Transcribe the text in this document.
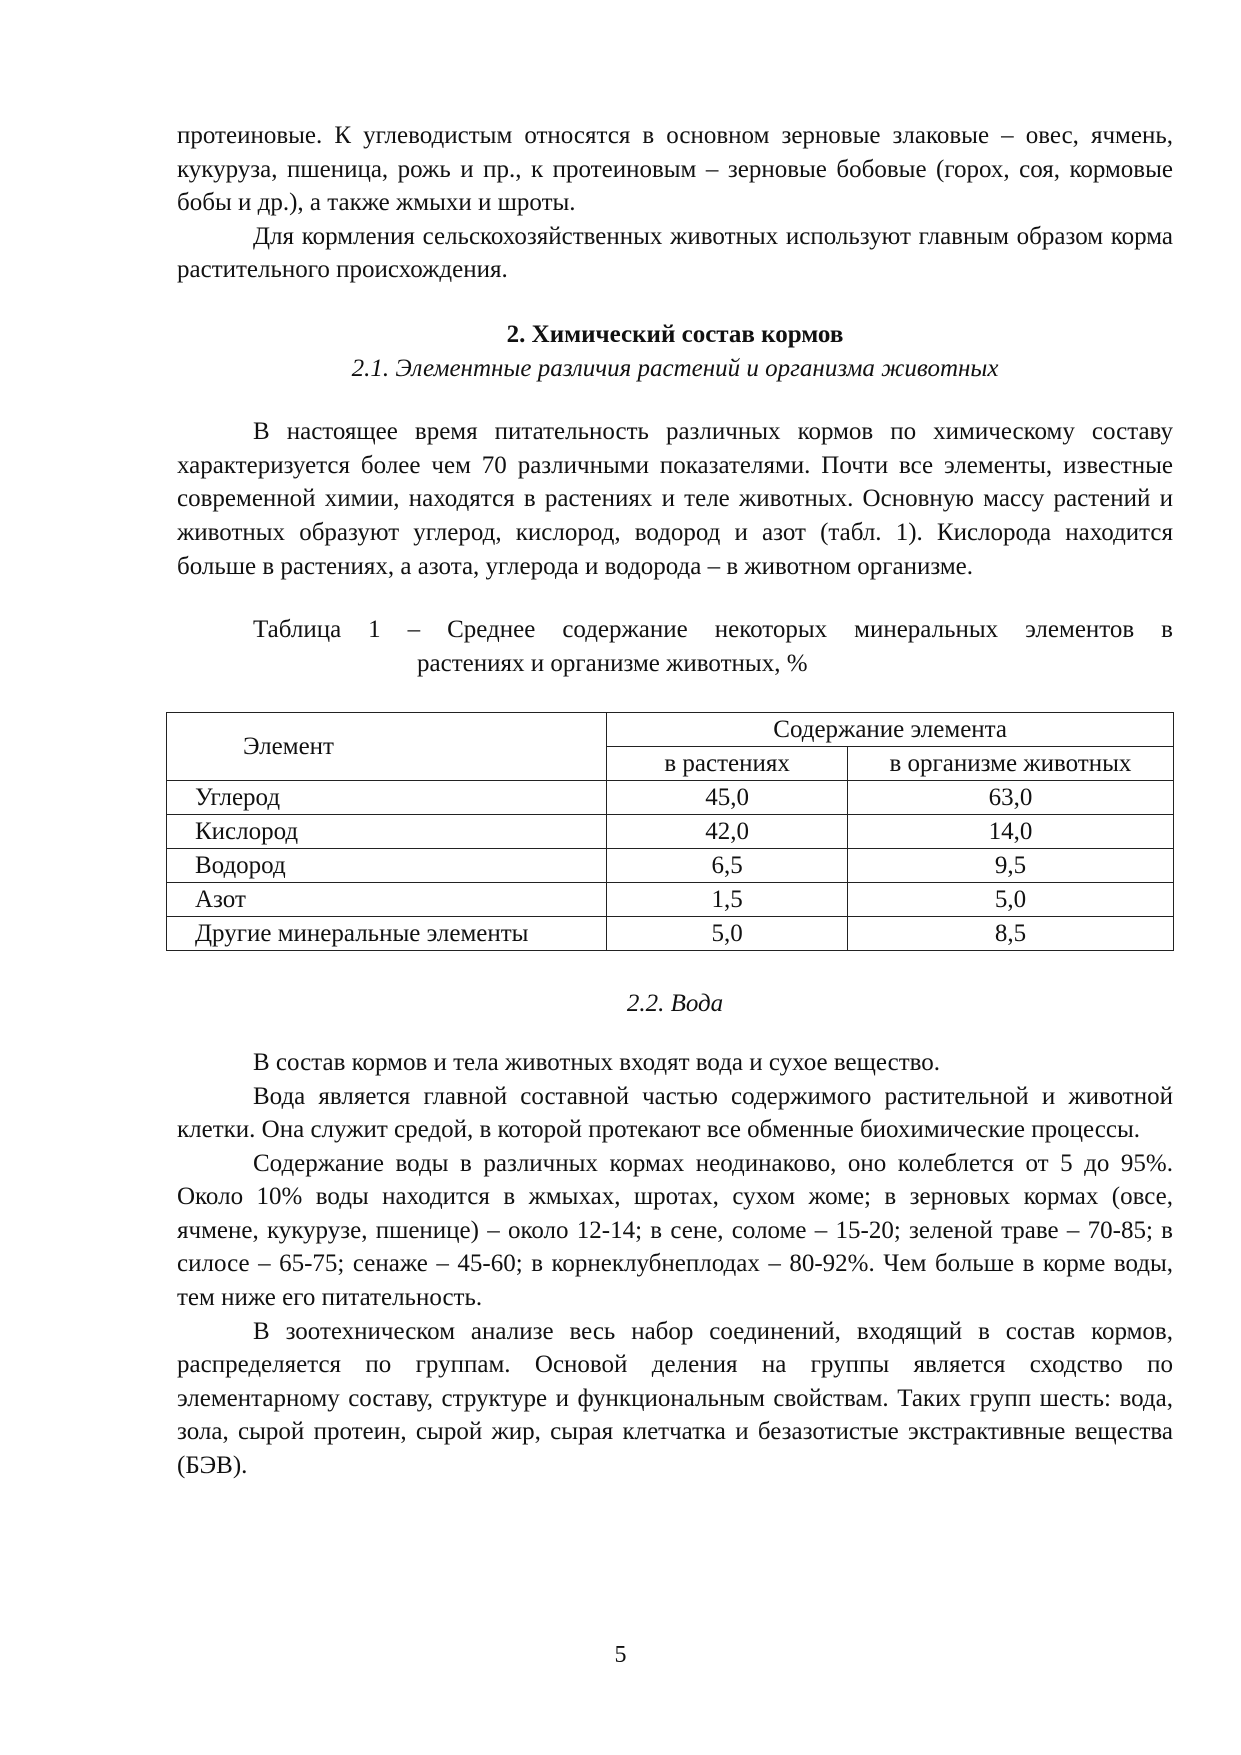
протеиновые. К углеводистым относятся в основном зерновые злаковые – овес, ячмень, кукуруза, пшеница, рожь и пр., к протеиновым – зерновые бобовые (горох, соя, кормовые бобы и др.), а также жмыхи и шроты.

Для кормления сельскохозяйственных животных используют главным образом корма растительного происхождения.

2. Химический состав кормов
2.1. Элементные различия растений и организма животных

В настоящее время питательность различных кормов по химическому составу характеризуется более чем 70 различными показателями. Почти все элементы, известные современной химии, находятся в растениях и теле животных. Основную массу растений и животных образуют углерод, кислород, водород и азот (табл. 1). Кислорода находится больше в растениях, а азота, углерода и водорода – в животном организме.

Таблица 1 – Среднее содержание некоторых минеральных элементов в
растениях и организме животных, %
Элемент	Содержание элемента	
	в растениях	в организме животных
Углерод	45,0	63,0
Кислород	42,0	14,0
Водород	6,5	9,5
Азот	1,5	5,0
Другие минеральные элементы	5,0	8,5
2.2. Вода

В состав кормов и тела животных входят вода и сухое вещество.

Вода является главной составной частью содержимого растительной и животной клетки. Она служит средой, в которой протекают все обменные биохимические процессы.

Содержание воды в различных кормах неодинаково, оно колеблется от 5 до 95%. Около 10% воды находится в жмыхах, шротах, сухом жоме; в зерновых кормах (овсе, ячмене, кукурузе, пшенице) – около 12-14; в сене, соломе – 15-20; зеленой траве – 70-85; в силосе – 65-75; сенаже – 45-60; в корнеклубнеплодах – 80-92%. Чем больше в корме воды, тем ниже его питательность.

В зоотехническом анализе весь набор соединений, входящий в состав кормов, распределяется по группам. Основой деления на группы является сходство по элементарному составу, структуре и функциональным свойствам. Таких групп шесть: вода, зола, сырой протеин, сырой жир, сырая клетчатка и безазотистые экстрактивные вещества (БЭВ).

5
